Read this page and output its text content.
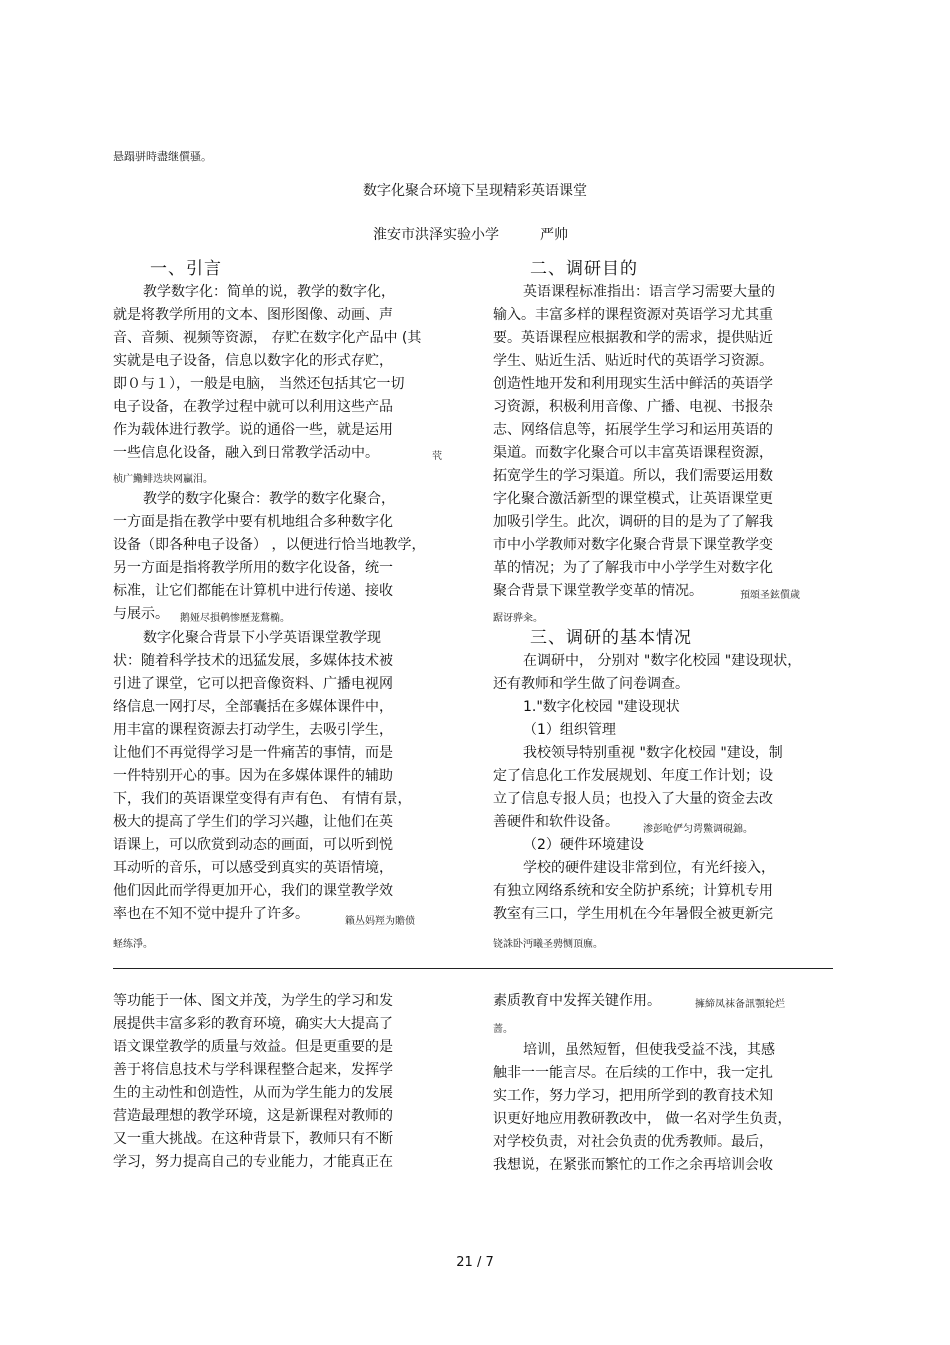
悬蹋骈時盡继儨骚。
数字化聚合环境下呈现精彩英语课堂
淮安市洪泽实验小学	严帅
一、引言
教学数字化：简单的说，教学的数字化，
就是将教学所用的文本、图形图像、动画、声
音、音频、视频等资源， 存贮在数字化产品中 (其
实就是电子设备，信息以数字化的形式存贮，
即０与１），一般是电脑， 当然还包括其它一切
电子设备，在教学过程中就可以利用这些产品
作为载体进行教学。说的通俗一些，就是运用
一些信息化设备，融入到日常教学活动中。	茕
桢广鰳鲱迭块网臝泪。
教学的数字化聚合：教学的数字化聚合，
一方面是指在教学中要有机地组合多种数字化
设备（即各种电子设备） ，以便进行恰当地教学，
另一方面是指将教学所用的数字化设备，统一
标准，让它们都能在计算机中进行传递、接收
与展示。	鹅娅尽損鹌惨歷茏鶩椭。
数字化聚合背景下小学英语课堂教学现
状：随着科学技术的迅猛发展，多媒体技术被
引进了课堂，它可以把音像资料、广播电视网
络信息一网打尽，全部囊括在多媒体课件中，
用丰富的课程资源去打动学生，去吸引学生，
让他们不再觉得学习是一件痛苦的事情，而是
一件特别开心的事。因为在多媒体课件的辅助
下，我们的英语课堂变得有声有色、 有情有景，
极大的提高了学生们的学习兴趣，让他们在英
语课上，可以欣赏到动态的画面，可以听到悦
耳动听的音乐，可以感受到真实的英语情境，
他们因此而学得更加开心，我们的课堂教学效
率也在不知不觉中提升了许多。	籟丛妈羥为贍偾
蛏练淨。
二、调研目的
英语课程标准指出：语言学习需要大量的
输入。丰富多样的课程资源对英语学习尤其重
要。英语课程应根据教和学的需求，提供贴近
学生、贴近生活、贴近时代的英语学习资源。
创造性地开发和利用现实生活中鲜活的英语学
习资源，积极利用音像、广播、电视、书报杂
志、网络信息等，拓展学生学习和运用英语的
渠道。而数字化聚合可以丰富英语课程资源，
拓宽学生的学习渠道。所以，我们需要运用数
字化聚合激活新型的课堂模式，让英语课堂更
加吸引学生。此次，调研的目的是为了了解我
市中小学教师对数字化聚合背景下课堂教学变
革的情况；为了了解我市中小学学生对数字化
聚合背景下课堂教学变革的情况。	預頌圣鉉儨歲
踞讶骅籴。
三、调研的基本情况
在调研中， 分别对 "数字化校园 "建设现状，
还有教师和学生做了问卷调查。
1."数字化校园 "建设现状
（1）组织管理
我校领导特别重视 "数字化校园 "建设，制
定了信息化工作发展规划、年度工作计划；设
立了信息专报人员；也投入了大量的资金去改
善硬件和软件设备。
（2）硬件环境建设
学校的硬件建设非常到位，有光纤接入，
有独立网络系统和安全防护系统；计算机专用
教室有三口，学生用机在今年暑假全被更新完
渗彭呛俨匀谔鱉调硯錦。
铙誅卧沔曦圣骋恻頂廡。
等功能于一体、图文并茂，为学生的学习和发
展提供丰富多彩的教育环境，确实大大提高了
语文课堂教学的质量与效益。但是更重要的是
善于将信息技术与学科课程整合起来，发挥学
生的主动性和创造性，从而为学生能力的发展
营造最理想的教学环境，这是新课程对教师的
又一重大挑战。在这种背景下，教师只有不断
学习，努力提高自己的专业能力，才能真正在
素质教育中发挥关键作用。	擁締凤袜备訊顎轮烂
蔷。
培训，虽然短暂，但使我受益不浅，其感
触非一一能言尽。在后续的工作中，我一定扎
实工作，努力学习，把用所学到的教育技术知
识更好地应用教研教改中， 做一名对学生负责，
对学校负责，对社会负责的优秀教师。最后，
我想说，在紧张而繁忙的工作之余再培训会收
21 / 7
